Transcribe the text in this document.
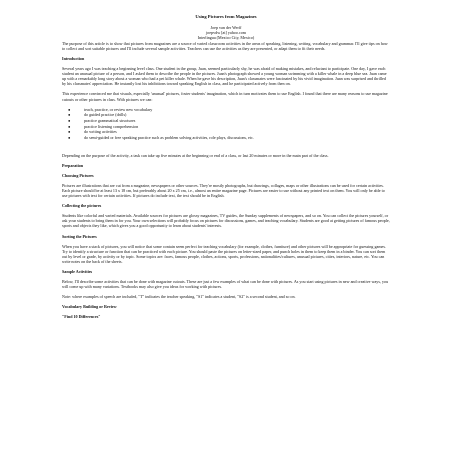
Using Pictures from Magazines
Joep van der Werff
joepvdw [at] yahoo.com
Interlingua (Mexico City, Mexico)

The purpose of this article is to show that pictures from magazines are a source of varied classroom activities in the areas of speaking, listening, writing, vocabulary and grammar. I'll give tips on how to collect and sort suitable pictures and I'll include several sample activities. Teachers can use the activities as they are presented, or adapt them to fit their needs.

Introduction

Several years ago I was teaching a beginning level class. One student in the group, Juan, seemed particularly shy, he was afraid of making mistakes, and reluctant to participate. One day, I gave each student an unusual picture of a person, and I asked them to describe the people in the pictures. Juan's photograph showed a young woman swimming with a killer whale in a deep blue sea. Juan came up with a remarkably long story about a woman who had a pet killer whale. When he gave his description, Juan's classmates were fascinated by his vivid imagination. Juan was surprised and thrilled by his classmates' appreciation. He instantly lost his inhibitions toward speaking English in class, and he participated actively from then on.

This experience convinced me that visuals, especially 'unusual' pictures, foster students' imagination, which in turn motivates them to use English. I found that there are many reasons to use magazine cutouts or other pictures in class. With pictures we can:

●	teach, practice, or review new vocabulary
●	do guided practice (drills)
●	practice grammatical structures
●	practice listening comprehension
●	do writing activities
●	do semi-guided or free speaking practice such as problem solving activities, role plays, discussions, etc.

Depending on the purpose of the activity, a task can take up five minutes at the beginning or end of a class, or last 20 minutes or more in the main part of the class.

Preparation
Choosing Pictures

Pictures are illustrations that are cut from a magazine, newspapers or other sources. They're mostly photographs, but drawings, collages, maps or other illustrations can be used for certain activities. Each picture should be at least 13 x 18 cm, but preferably about 20 x 25 cm, i.e., almost an entire magazine page. Pictures are easier to use without any printed text on them. You will only be able to use pictures with text for certain activities. If pictures do include text, the text should be in English.

Collecting the pictures

Students like colorful and varied materials. Available sources for pictures are glossy magazines, TV guides, the Sunday supplements of newspapers, and so on. You can collect the pictures yourself, or ask your students to bring them in for you. Your own selections will probably focus on pictures for discussions, games, and teaching vocabulary. Students are good at getting pictures of famous people, sports and objects they like, which gives you a good opportunity to learn about students' interests.

Sorting the Pictures

When you have a stack of pictures, you will notice that some contain seem perfect for teaching vocabulary (for example, clothes, furniture) and other pictures will be appropriate for guessing games. Try to identify a structure or function that can be practiced with each picture. You should paste the pictures on letter-sized paper, and punch holes in them to keep them in a binder. You can sort them out by level or grade, by activity or by topic. Some topics are: faces, famous people, clothes, actions, sports, professions, nationalities/cultures, unusual pictures, cities, interiors, nature, etc. You can write notes on the back of the sheets.

Sample Activities

Below, I'll describe some activities that can be done with magazine cutouts. These are just a few examples of what can be done with pictures. As you start using pictures in new and creative ways, you will come up with many variations. Textbooks may also give you ideas for working with pictures.

Note: where examples of speech are included, "T" indicates the teacher speaking, "S1" indicates a student, "S2" is a second student, and so on.

Vocabulary Building or Review
"Find 10 Differences"
